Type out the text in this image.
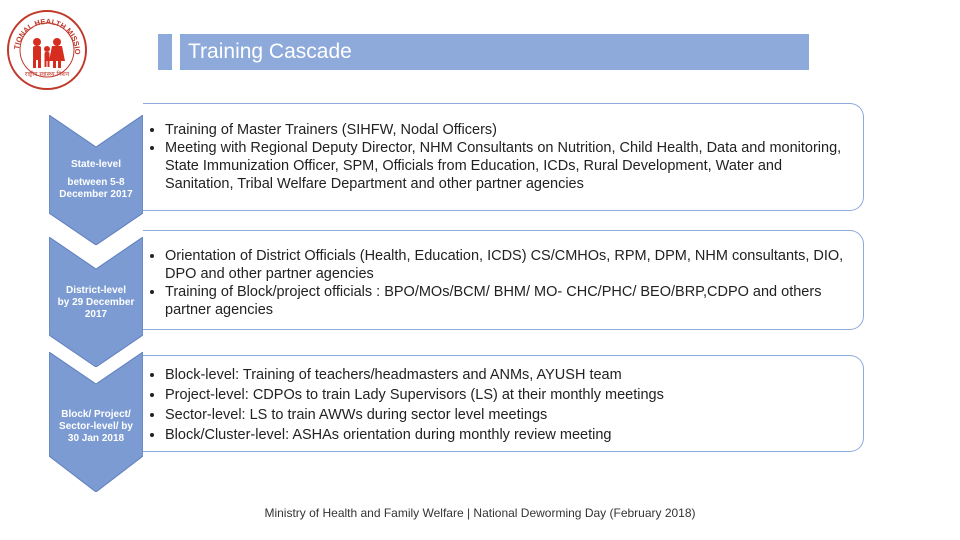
TIONAL HEALTH MISSIO
राष्ट्रीय स्वास्थ्य मिशन
Training Cascade
State-level
between 5-8
December 2017
• Training of Master Trainers (SIHFW, Nodal Officers)
• Meeting with Regional Deputy Director, NHM Consultants on Nutrition, Child Health, Data and monitoring, State Immunization Officer, SPM, Officials from Education, ICDs, Rural Development, Water and Sanitation, Tribal Welfare Department and other partner agencies
District-level
by 29 December
2017
• Orientation of District Officials (Health, Education, ICDS) CS/CMHOs, RPM, DPM, NHM consultants, DIO, DPO and other partner agencies
• Training of Block/project officials : BPO/MOs/BCM/ BHM/ MO- CHC/PHC/ BEO/BRP,CDPO and others partner agencies
Block/ Project/
Sector-level/ by
30 Jan 2018
• Block-level: Training of teachers/headmasters and ANMs, AYUSH team
• Project-level: CDPOs to train Lady Supervisors (LS) at their monthly meetings
• Sector-level: LS to train AWWs during sector level meetings
• Block/Cluster-level: ASHAs orientation during monthly review meeting
Ministry of Health and Family Welfare | National Deworming Day (February 2018)
